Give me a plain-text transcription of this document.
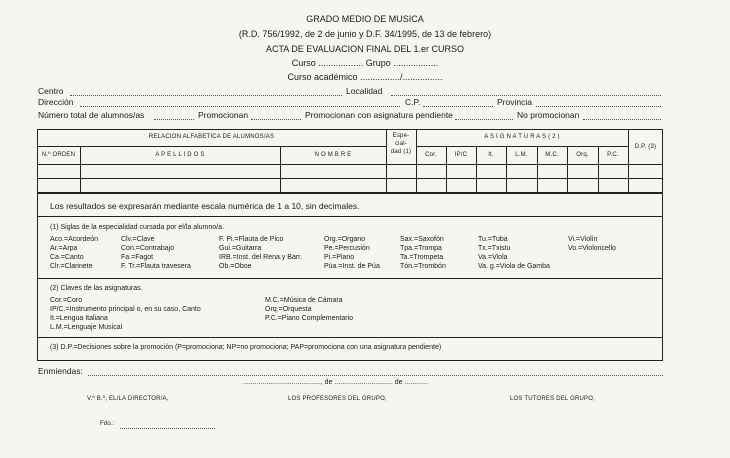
GRADO MEDIO DE MUSICA
(R.D. 756/1992, de 2 de junio y D.F. 34/1995, de 13 de febrero)
ACTA DE EVALUACION FINAL DEL 1.er CURSO
Curso .................. Grupo ..................
Curso académico ................/................
Centro	Localidad
Dirección	C.P.	Provincia
Número total de alumnos/as	Promocionan	Promocionan con asignatura pendiente	No promocionan
RELACION ALFABETICA DE ALUMNOS/AS	Espe-
cial-
dad (1)
A S I G N A T U R A S ( 2 )
D.P. (3)
N.º ORDEN	A P E L L I D O S	N O M B R E	Cor.	IP/C	It.	L.M.	M.C.	Orq.	P.C.
Los resultados se expresarán mediante escala numérica de 1 a 10, sin decimales.
(1) Siglas de la especialidad cursada por el/la alumno/a.
Aco.=Acordeón	Clv.=Clave	F. Pi.=Flauta de Pico	Org.=Organo	Sax.=Saxofón	Tu.=Tuba	Vi.=Violín
Ar.=Arpa	Con.=Contrabajo	Gui.=Guitarra	Pe.=Percusión	Tpa.=Trompa	Tx.=Txistu	Vo.=Violoncello
Ca.=Canto	Fa.=Fagot	IRB.=Inst. del Rena.y Barr.	Pi.=Piano	Ta.=Trompeta	Va.=Viola
Clr.=Clarinete	F. Tr.=Flauta travesera	Ob.=Oboe	Púa.=Inst. de Púa	Tón.=Trombón	Va. g.=Viola de Gamba
(2) Claves de las asignaturas.
Cor.=Coro
IP/C.=Instrumento principal o, en su caso, Canto
It.=Lengua Italiana
L.M.=Lenguaje Musical
M.C.=Música de Cámara
Orq.=Orquesta
P.C.=Piano Complementario
(3) D.P.=Decisiones sobre la promoción (P=promociona; NP=no promociona; PAP=promociona con una asignatura pendiente)
Enmiendas:
........................................, de .............................. de ............
V.º B.º, EL/LA DIRECTOR/A,	LOS PROFESORES DEL GRUPO,	LOS TUTORES DEL GRUPO,
Fdo.:
